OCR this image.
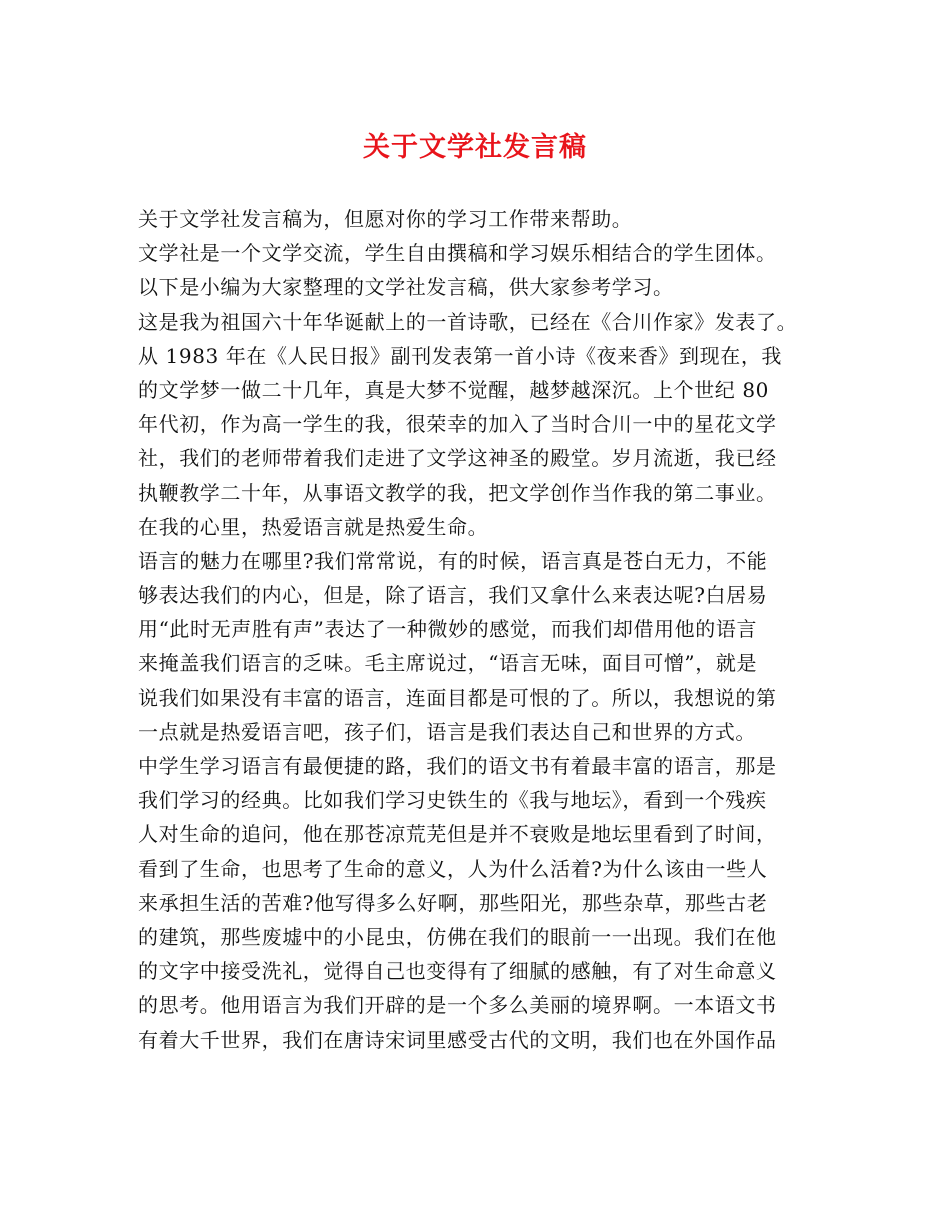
关于文学社发言稿
关于文学社发言稿为，但愿对你的学习工作带来帮助。
文学社是一个文学交流，学生自由撰稿和学习娱乐相结合的学生团体。
以下是小编为大家整理的文学社发言稿，供大家参考学习。
这是我为祖国六十年华诞献上的一首诗歌，已经在《合川作家》发表了。
从 1983 年在《人民日报》副刊发表第一首小诗《夜来香》到现在，我
的文学梦一做二十几年，真是大梦不觉醒，越梦越深沉。上个世纪 80
年代初，作为高一学生的我，很荣幸的加入了当时合川一中的星花文学
社，我们的老师带着我们走进了文学这神圣的殿堂。岁月流逝，我已经
执鞭教学二十年，从事语文教学的我，把文学创作当作我的第二事业。
在我的心里，热爱语言就是热爱生命。
语言的魅力在哪里?我们常常说，有的时候，语言真是苍白无力，不能
够表达我们的内心，但是，除了语言，我们又拿什么来表达呢?白居易
用“此时无声胜有声”表达了一种微妙的感觉，而我们却借用他的语言
来掩盖我们语言的乏味。毛主席说过，“语言无味，面目可憎”，就是
说我们如果没有丰富的语言，连面目都是可恨的了。所以，我想说的第
一点就是热爱语言吧，孩子们，语言是我们表达自己和世界的方式。
中学生学习语言有最便捷的路，我们的语文书有着最丰富的语言，那是
我们学习的经典。比如我们学习史铁生的《我与地坛》，看到一个残疾
人对生命的追问，他在那苍凉荒芜但是并不衰败是地坛里看到了时间，
看到了生命，也思考了生命的意义，人为什么活着?为什么该由一些人
来承担生活的苦难?他写得多么好啊，那些阳光，那些杂草，那些古老
的建筑，那些废墟中的小昆虫，仿佛在我们的眼前一一出现。我们在他
的文字中接受洗礼，觉得自己也变得有了细腻的感触，有了对生命意义
的思考。他用语言为我们开辟的是一个多么美丽的境界啊。一本语文书
有着大千世界，我们在唐诗宋词里感受古代的文明，我们也在外国作品
